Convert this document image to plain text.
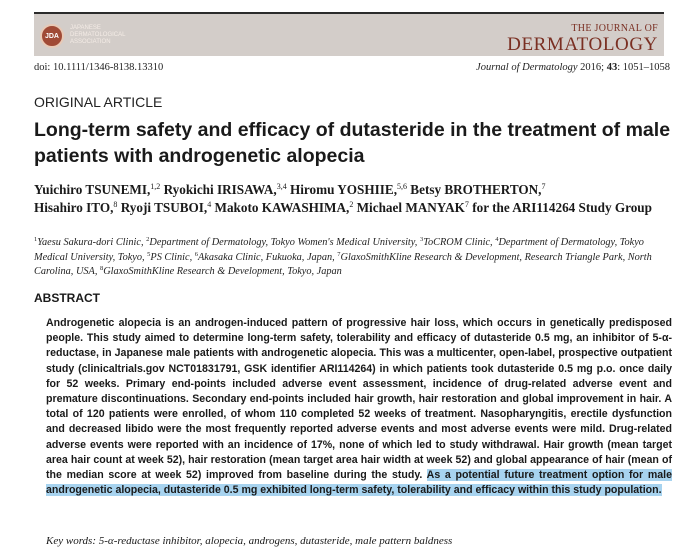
JDA
JAPANESE
DERMATOLOGICAL
ASSOCIATION
THE JOURNAL OF
DERMATOLOGY
doi: 10.1111/1346-8138.13310	Journal of Dermatology 2016; 43: 1051–1058
ORIGINAL ARTICLE
Long-term safety and efficacy of dutasteride in the treatment of male patients with androgenetic alopecia
Yuichiro TSUNEMI,$^{1,2}$ Ryokichi IRISAWA,$^{3,4}$ Hiromu YOSHIIE,$^{5,6}$ Betsy BROTHERTON,$^7$
Hisahiro ITO,$^8$ Ryoji TSUBOI,$^4$ Makoto KAWASHIMA,$^2$ Michael MANYAK$^7$ for the ARI114264 Study Group
$^1$Yaesu Sakura-dori Clinic, $^2$Department of Dermatology, Tokyo Women's Medical University, $^3$ToCROM Clinic, $^4$Department of Dermatology, Tokyo Medical University, Tokyo, $^5$PS Clinic, $^6$Akasaka Clinic, Fukuoka, Japan, $^7$GlaxoSmithKline Research & Development, Research Triangle Park, North Carolina, USA, $^8$GlaxoSmithKline Research & Development, Tokyo, Japan
ABSTRACT
Androgenetic alopecia is an androgen-induced pattern of progressive hair loss, which occurs in genetically predisposed people. This study aimed to determine long-term safety, tolerability and efficacy of dutasteride 0.5 mg, an inhibitor of 5-α-reductase, in Japanese male patients with androgenetic alopecia. This was a multicenter, open-label, prospective outpatient study (clinicaltrials.gov NCT01831791, GSK identifier ARI114264) in which patients took dutasteride 0.5 mg p.o. once daily for 52 weeks. Primary end-points included adverse event assessment, incidence of drug-related adverse event and premature discontinuations. Secondary end-points included hair growth, hair restoration and global improvement in hair. A total of 120 patients were enrolled, of whom 110 completed 52 weeks of treatment. Nasopharyngitis, erectile dysfunction and decreased libido were the most frequently reported adverse events and most adverse events were mild. Drug-related adverse events were reported with an incidence of 17%, none of which led to study withdrawal. Hair growth (mean target area hair count at week 52), hair restoration (mean target area hair width at week 52) and global appearance of hair (mean of the median score at week 52) improved from baseline during the study. As a potential future treatment option for male androgenetic alopecia, dutasteride 0.5 mg exhibited long-term safety, tolerability and efficacy within this study population.
Key words: 5-α-reductase inhibitor, alopecia, androgens, dutasteride, male pattern baldness
